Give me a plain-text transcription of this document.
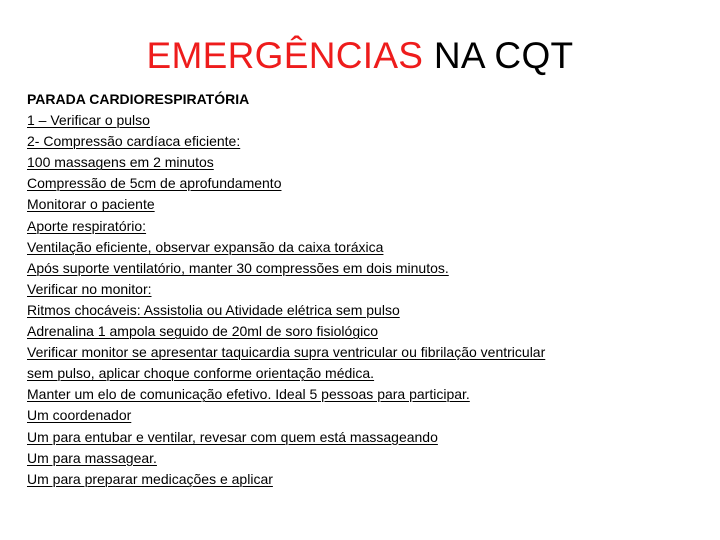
EMERGÊNCIAS NA CQT
PARADA CARDIORESPIRATÓRIA
1 – Verificar o pulso
2- Compressão cardíaca eficiente:
100 massagens em 2 minutos
Compressão de 5cm de aprofundamento
Monitorar o paciente
Aporte respiratório:
Ventilação eficiente, observar expansão da caixa toráxica
Após suporte ventilatório, manter 30 compressões em dois minutos.
Verificar no monitor:
Ritmos chocáveis: Assistolia ou Atividade elétrica sem pulso
Adrenalina 1 ampola seguido de 20ml de soro fisiológico
Verificar monitor se apresentar taquicardia supra ventricular ou fibrilação ventricular
sem pulso, aplicar choque conforme orientação médica.
Manter um elo de comunicação efetivo. Ideal 5 pessoas para participar.
Um coordenador
Um para entubar e ventilar, revesar com quem está massageando
Um para massagear.
Um para preparar medicações e aplicar
